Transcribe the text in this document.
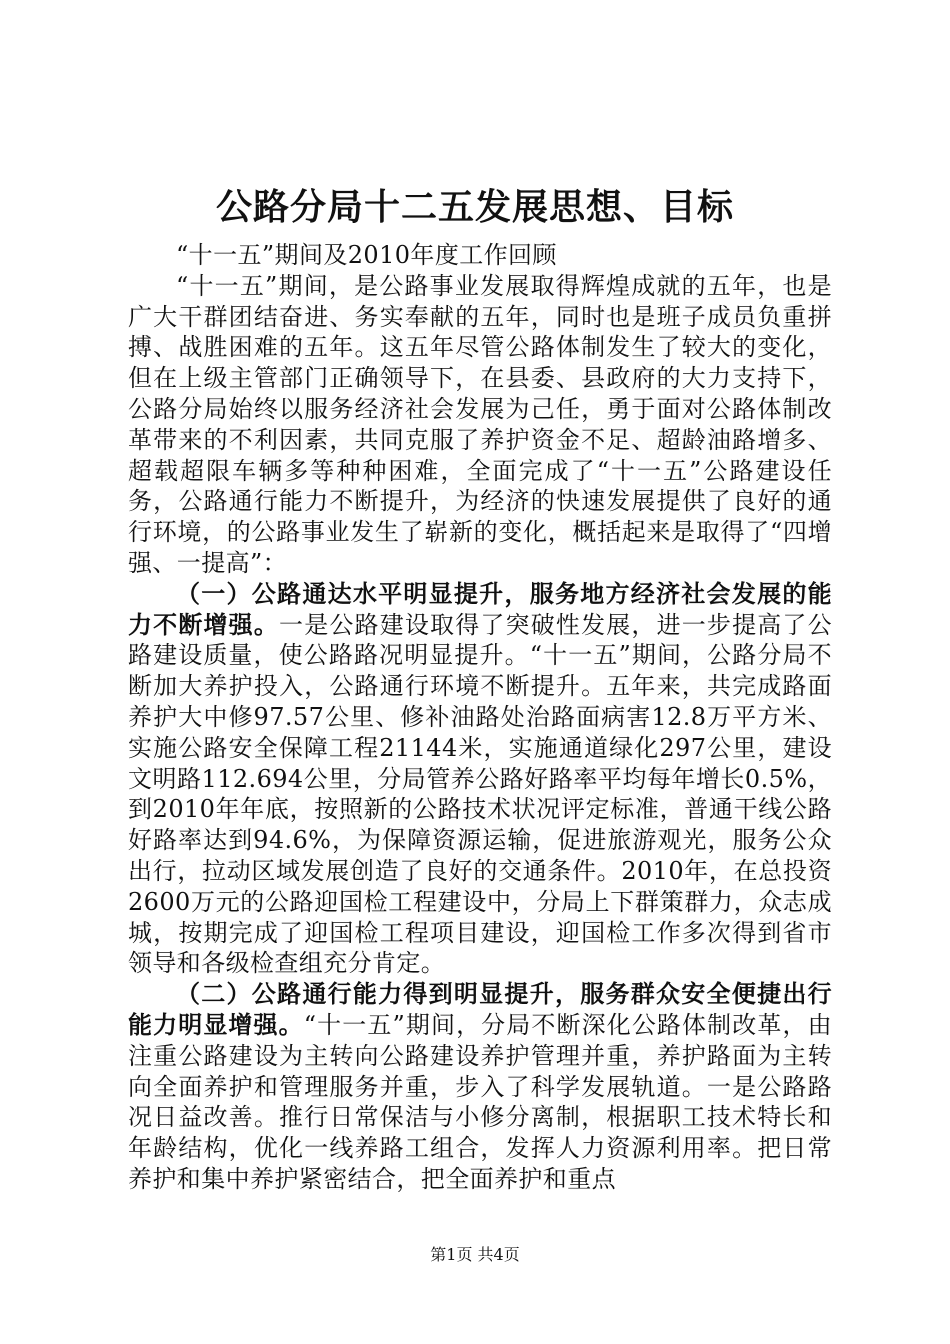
公路分局十二五发展思想、目标

“十一五”期间及2010年度工作回顾

“十一五”期间，是公路事业发展取得辉煌成就的五年，也是广大干群团结奋进、务实奉献的五年，同时也是班子成员负重拼搏、战胜困难的五年。这五年尽管公路体制发生了较大的变化，但在上级主管部门正确领导下，在县委、县政府的大力支持下，公路分局始终以服务经济社会发展为己任，勇于面对公路体制改革带来的不利因素，共同克服了养护资金不足、超龄油路增多、超载超限车辆多等种种困难，全面完成了“十一五”公路建设任务，公路通行能力不断提升，为经济的快速发展提供了良好的通行环境，的公路事业发生了崭新的变化，概括起来是取得了“四增强、一提高”：

（一）公路通达水平明显提升，服务地方经济社会发展的能力不断增强。一是公路建设取得了突破性发展，进一步提高了公路建设质量，使公路路况明显提升。“十一五”期间，公路分局不断加大养护投入，公路通行环境不断提升。五年来，共完成路面养护大中修97.57公里、修补油路处治路面病害12.8万平方米、实施公路安全保障工程21144米，实施通道绿化297公里，建设文明路112.694公里，分局管养公路好路率平均每年增长0.5%，到2010年年底，按照新的公路技术状况评定标准，普通干线公路好路率达到94.6%，为保障资源运输，促进旅游观光，服务公众出行，拉动区域发展创造了良好的交通条件。2010年，在总投资2600万元的公路迎国检工程建设中，分局上下群策群力，众志成城，按期完成了迎国检工程项目建设，迎国检工作多次得到省市领导和各级检查组充分肯定。

（二）公路通行能力得到明显提升，服务群众安全便捷出行能力明显增强。“十一五”期间，分局不断深化公路体制改革，由注重公路建设为主转向公路建设养护管理并重，养护路面为主转向全面养护和管理服务并重，步入了科学发展轨道。一是公路路况日益改善。推行日常保洁与小修分离制，根据职工技术特长和年龄结构，优化一线养路工组合，发挥人力资源利用率。把日常养护和集中养护紧密结合，把全面养护和重点

第1页 共4页
